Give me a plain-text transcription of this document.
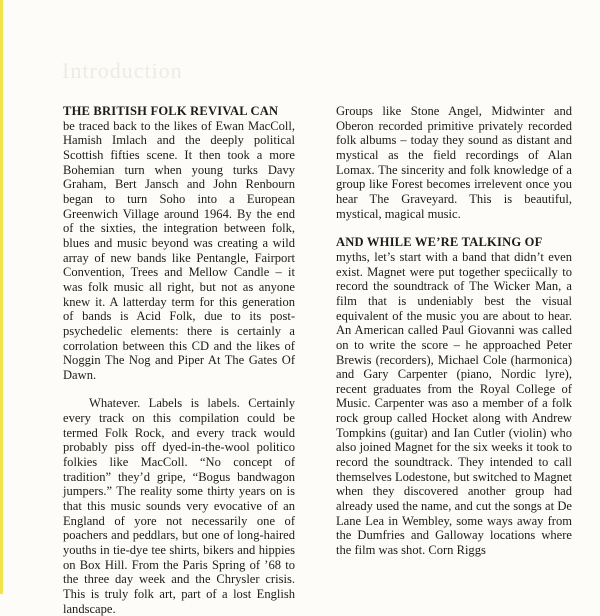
Introduction

THE BRITISH FOLK REVIVAL CAN
be traced back to the likes of Ewan MacColl, Hamish Imlach and the deeply political Scottish fifties scene. It then took a more Bohemian turn when young turks Davy Graham, Bert Jansch and John Renbourn began to turn Soho into a European Greenwich Village around 1964. By the end of the sixties, the integration between folk, blues and music beyond was creating a wild array of new bands like Pentangle, Fairport Convention, Trees and Mellow Candle – it was folk music all right, but not as anyone knew it. A latterday term for this generation of bands is Acid Folk, due to its post-psychedelic elements: there is certainly a corrolation between this CD and the likes of Noggin The Nog and Piper At The Gates Of Dawn.

Whatever. Labels is labels. Certainly every track on this compilation could be termed Folk Rock, and every track would probably piss off dyed-in-the-wool politico folkies like MacColl. “No concept of tradition” they’d gripe, “Bogus bandwagon jumpers.” The reality some thirty years on is that this music sounds very evocative of an England of yore not necessarily one of poachers and peddlars, but one of long-haired youths in tie-dye tee shirts, bikers and hippies on Box Hill. From the Paris Spring of ’68 to the three day week and the Chrysler crisis. This is truly folk art, part of a lost English landscape.

Groups like Stone Angel, Midwinter and Oberon recorded primitive privately recorded folk albums – today they sound as distant and mystical as the field recordings of Alan Lomax. The sincerity and folk knowledge of a group like Forest becomes irrelevent once you hear The Graveyard. This is beautiful, mystical, magical music.

AND WHILE WE’RE TALKING OF
myths, let’s start with a band that didn’t even exist. Magnet were put together speciically to record the soundtrack of The Wicker Man, a film that is undeniably best the visual equivalent of the music you are about to hear. An American called Paul Giovanni was called on to write the score – he approached Peter Brewis (recorders), Michael Cole (harmonica) and Gary Carpenter (piano, Nordic lyre), recent graduates from the Royal College of Music. Carpenter was aso a member of a folk rock group called Hocket along with Andrew Tompkins (guitar) and Ian Cutler (violin) who also joined Magnet for the six weeks it took to record the soundtrack. They intended to call themselves Lodestone, but switched to Magnet when they discovered another group had already used the name, and cut the songs at De Lane Lea in Wembley, some ways away from the Dumfries and Galloway locations where the film was shot. Corn Riggs
